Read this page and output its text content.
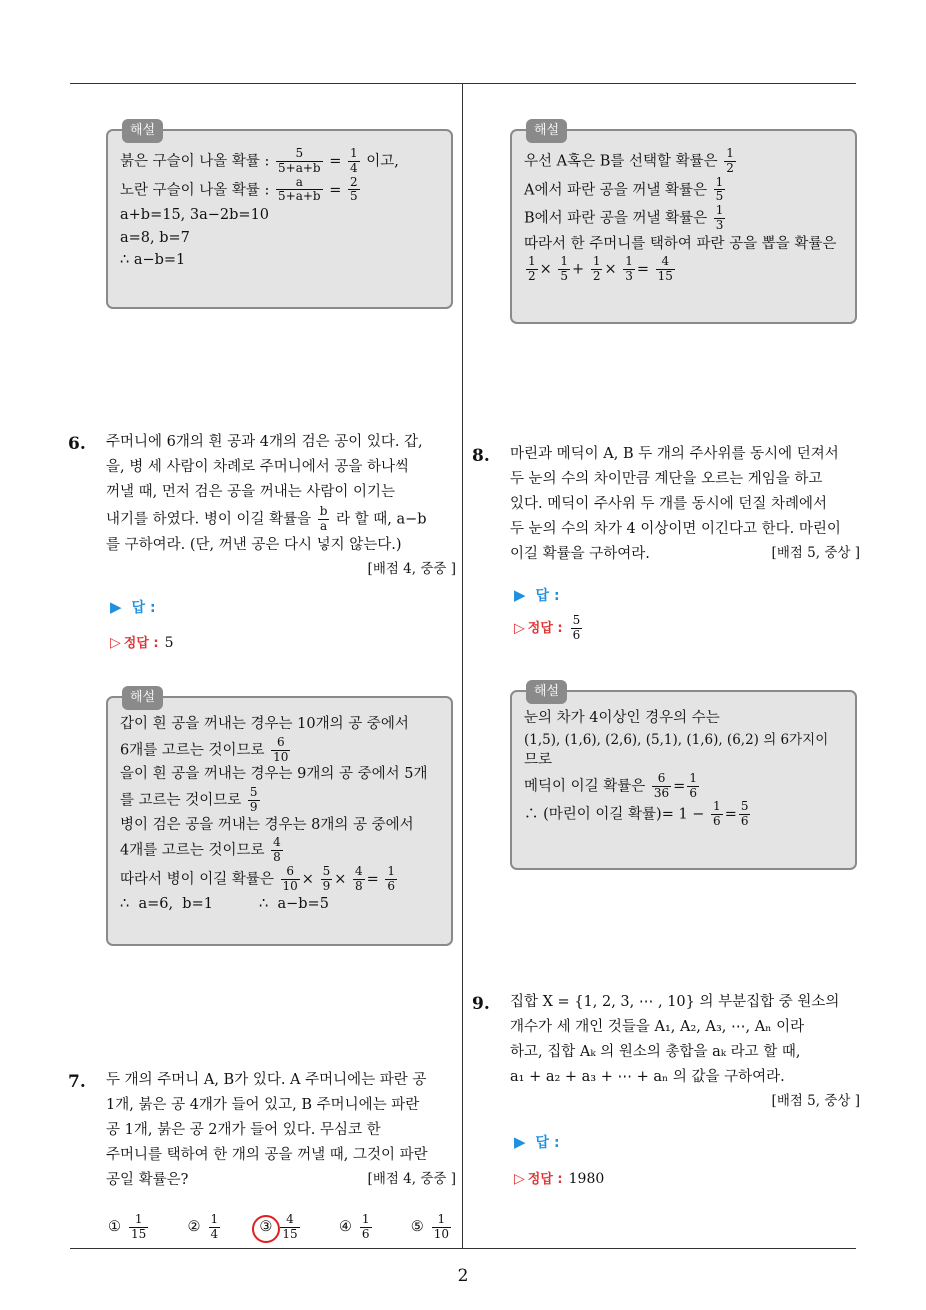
해설
붉은 구슬이 나올 확률 : $\frac{5}{5+a+b} = \frac{1}{4}$ 이고,
노란 구슬이 나올 확률 : $\frac{a}{5+a+b} = \frac{2}{5}$
a+b=15, 3a−2b=10
a=8, b=7
∴ a−b=1
해설
우선 A혹은 B를 선택할 확률은 $\frac{1}{2}$
A에서 파란 공을 꺼낼 확률은 $\frac{1}{5}$
B에서 파란 공을 꺼낼 확률은 $\frac{1}{3}$
따라서 한 주머니를 택하여 파란 공을 뽑을 확률은
$\frac{1}{2} \times \frac{1}{5} + \frac{1}{2} \times \frac{1}{3} = \frac{4}{15}$
6. 주머니에 6개의 흰 공과 4개의 검은 공이 있다. 갑,
을, 병 세 사람이 차례로 주머니에서 공을 하나씩
꺼낼 때, 먼저 검은 공을 꺼내는 사람이 이기는
내기를 하였다. 병이 이길 확률을 $\frac{b}{a}$ 라 할 때, a−b
를 구하여라. (단, 꺼낸 공은 다시 넣지 않는다.)
[배점 4, 중중 ]
▶ 답 :
▷ 정답 : 5
해설
갑이 흰 공을 꺼내는 경우는 10개의 공 중에서
6개를 고르는 것이므로 $\frac{6}{10}$
을이 흰 공을 꺼내는 경우는 9개의 공 중에서 5개
를 고르는 것이므로 $\frac{5}{9}$
병이 검은 공을 꺼내는 경우는 8개의 공 중에서
4개를 고르는 것이므로 $\frac{4}{8}$
따라서 병이 이길 확률은 $\frac{6}{10} \times \frac{5}{9} \times \frac{4}{8} = \frac{1}{6}$
∴  a=6,  b=1          ∴  a−b=5
7. 두 개의 주머니 A, B가 있다. A 주머니에는 파란 공
1개, 붉은 공 4개가 들어 있고, B 주머니에는 파란
공 1개, 붉은 공 2개가 들어 있다. 무심코 한
주머니를 택하여 한 개의 공을 꺼낼 때, 그것이 파란
공일 확률은?	[배점 4, 중중 ]
①
1
15	②
1
4	③
4
15	④
1
6	⑤
1
10
8. 마린과 메딕이 A, B 두 개의 주사위를 동시에 던져서
두 눈의 수의 차이만큼 계단을 오르는 게임을 하고
있다. 메딕이 주사위 두 개를 동시에 던질 차례에서
두 눈의 수의 차가 4 이상이면 이긴다고 한다. 마린이
이길 확률을 구하여라.	[배점 5, 중상 ]
▶ 답 :
▷ 정답 : $\frac{5}{6}$
해설
눈의 차가 4이상인 경우의 수는
(1,5), (1,6), (2,6), (5,1), (1,6), (6,2) 의 6가지이
므로
메딕이 이길 확률은 $\frac{6}{36} = \frac{1}{6}$
∴ (마린이 이길 확률)= $1 - \frac{1}{6} = \frac{5}{6}$
9. 집합 X = {1, 2, 3, ⋯ , 10} 의 부분집합 중 원소의
개수가 세 개인 것들을 A₁, A₂, A₃, ⋯, Aₙ 이라
하고, 집합 Aₖ 의 원소의 총합을 aₖ 라고 할 때,
a₁ + a₂ + a₃ + ⋯ + aₙ 의 값을 구하여라.
[배점 5, 중상 ]
▶ 답 :
▷ 정답 : 1980
2
